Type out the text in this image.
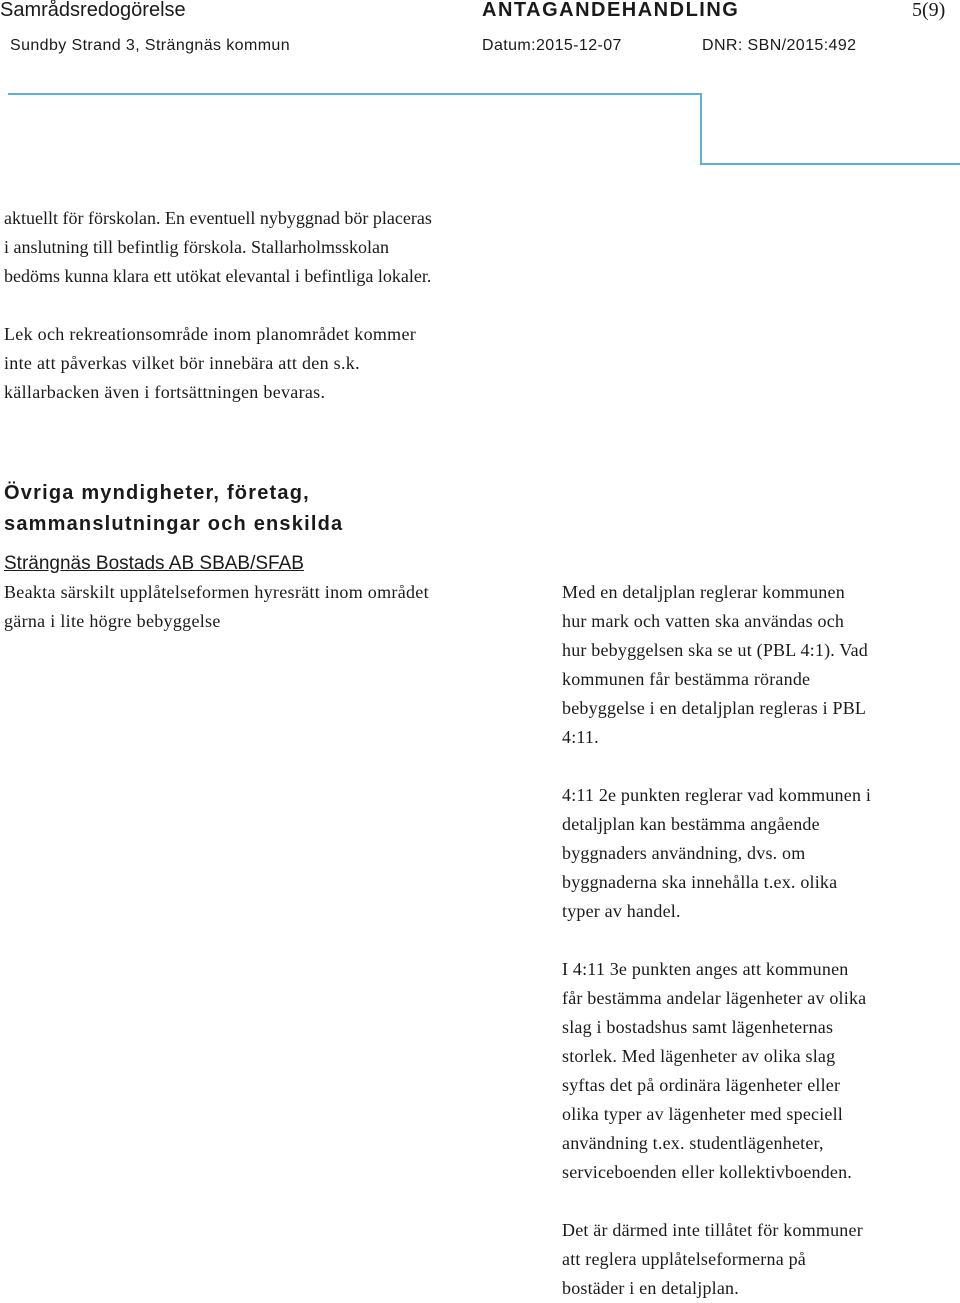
Samrådsredogörelse	ANTAGANDEHANDLING	5(9)
Sundby Strand 3, Strängnäs kommun	Datum:2015-12-07	DNR: SBN/2015:492

aktuellt för förskolan. En eventuell nybyggnad bör placeras
i anslutning till befintlig förskola. Stallarholmsskolan
bedöms kunna klara ett utökat elevantal i befintliga lokaler.

Lek och rekreationsområde inom planområdet kommer
inte att påverkas vilket bör innebära att den s.k.
källarbacken även i fortsättningen bevaras.

Övriga myndigheter, företag,
sammanslutningar och enskilda

Strängnäs Bostads AB SBAB/SFAB

Beakta särskilt upplåtelseformen hyresrätt inom området
gärna i lite högre bebyggelse

Med en detaljplan reglerar kommunen
hur mark och vatten ska användas och
hur bebyggelsen ska se ut (PBL 4:1). Vad
kommunen får bestämma rörande
bebyggelse i en detaljplan regleras i PBL
4:11.

4:11 2e punkten reglerar vad kommunen i
detaljplan kan bestämma angående
byggnaders användning, dvs. om
byggnaderna ska innehålla t.ex. olika
typer av handel.

I 4:11 3e punkten anges att kommunen
får bestämma andelar lägenheter av olika
slag i bostadshus samt lägenheternas
storlek. Med lägenheter av olika slag
syftas det på ordinära lägenheter eller
olika typer av lägenheter med speciell
användning t.ex. studentlägenheter,
serviceboenden eller kollektivboenden.

Det är därmed inte tillåtet för kommuner
att reglera upplåtelseformerna på
bostäder i en detaljplan.
